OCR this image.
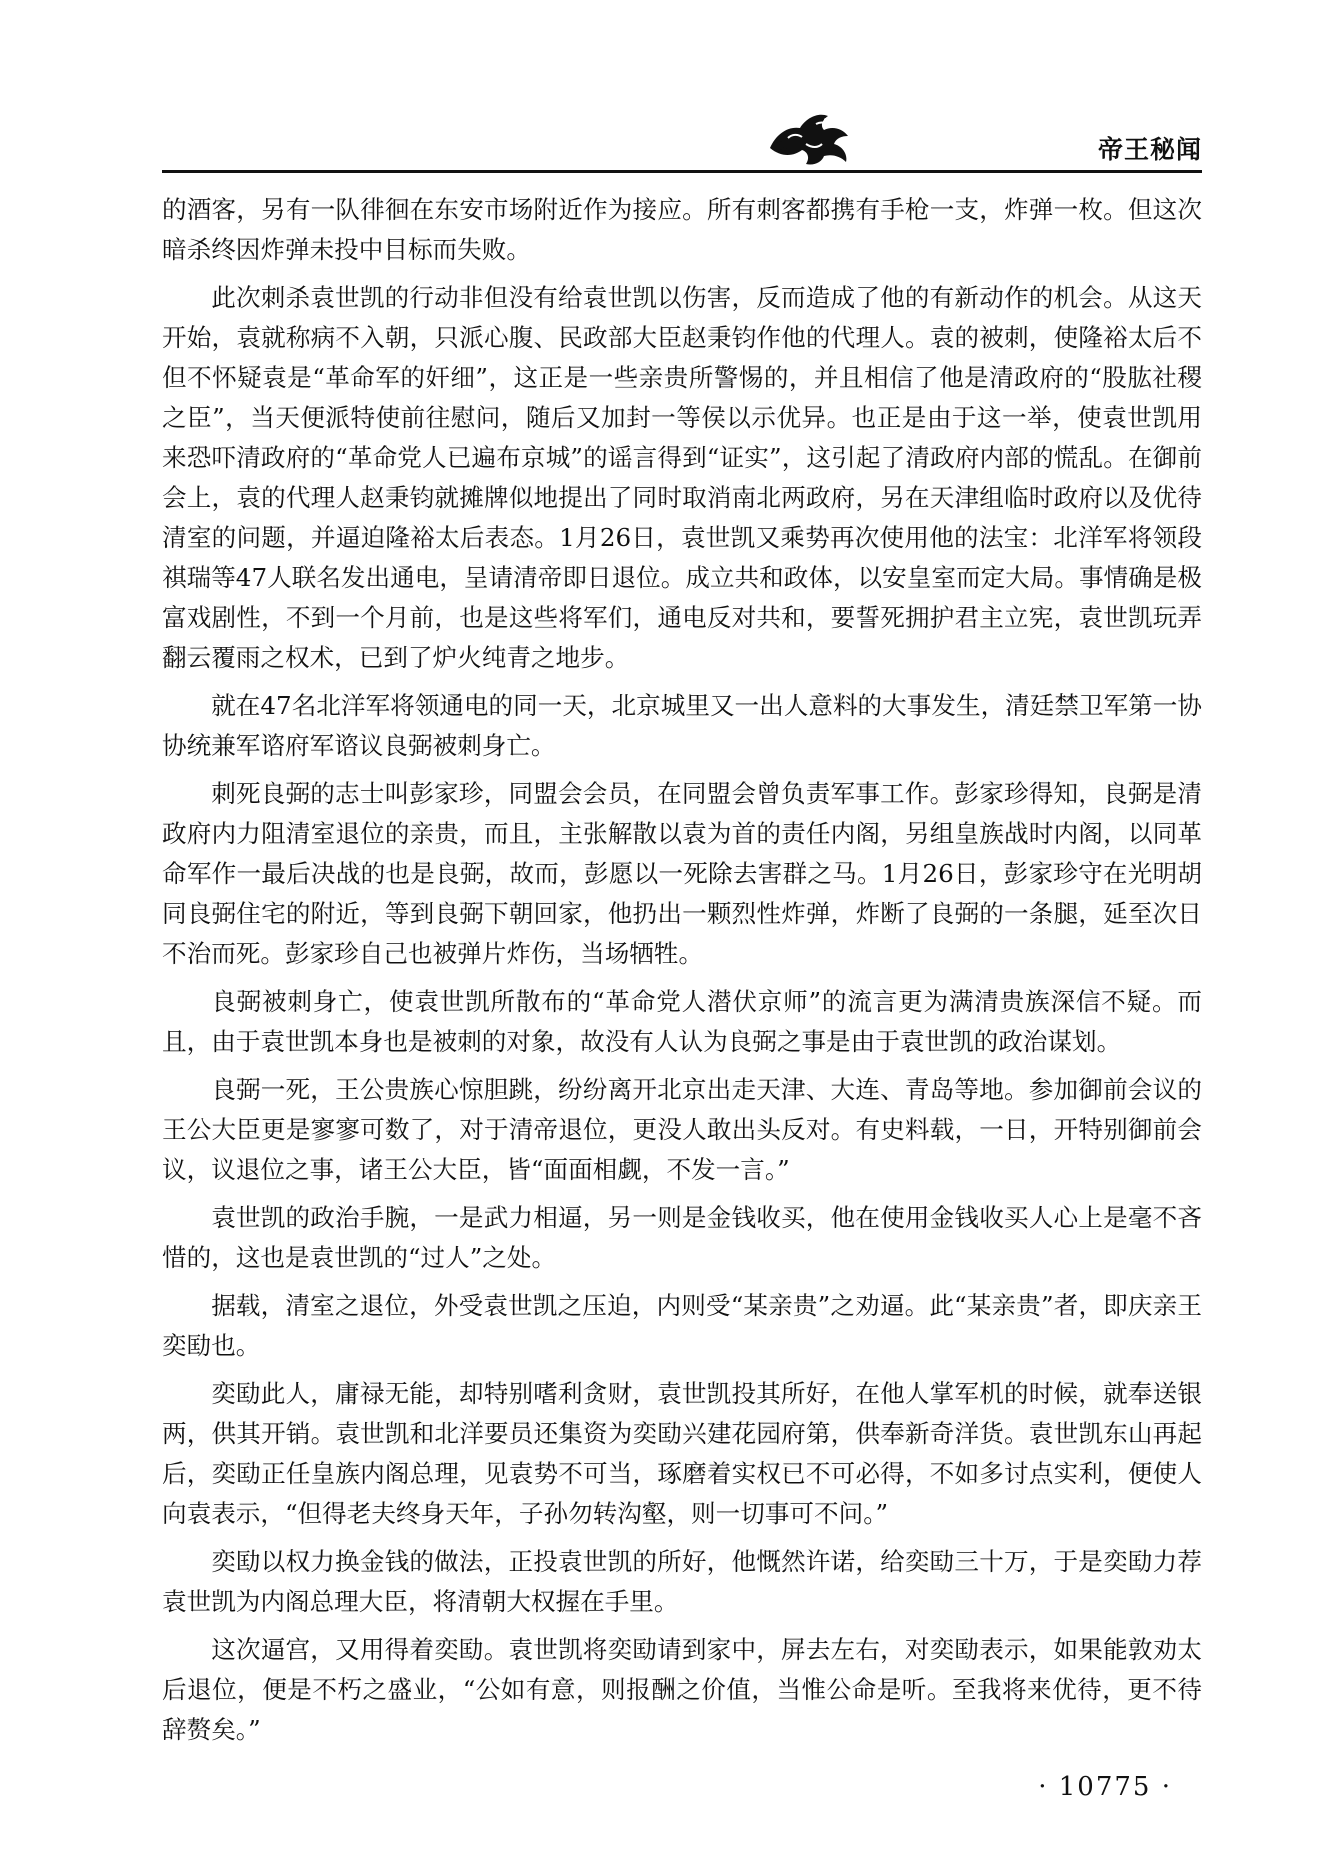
帝王秘闻

的酒客，另有一队徘徊在东安市场附近作为接应。所有刺客都携有手枪一支，炸弹一枚。但这次暗杀终因炸弹未投中目标而失败。

此次刺杀袁世凯的行动非但没有给袁世凯以伤害，反而造成了他的有新动作的机会。从这天开始，袁就称病不入朝，只派心腹、民政部大臣赵秉钧作他的代理人。袁的被刺，使隆裕太后不但不怀疑袁是“革命军的奸细”，这正是一些亲贵所警惕的，并且相信了他是清政府的“股肱社稷之臣”，当天便派特使前往慰问，随后又加封一等侯以示优异。也正是由于这一举，使袁世凯用来恐吓清政府的“革命党人已遍布京城”的谣言得到“证实”，这引起了清政府内部的慌乱。在御前会上，袁的代理人赵秉钧就摊牌似地提出了同时取消南北两政府，另在天津组临时政府以及优待清室的问题，并逼迫隆裕太后表态。1月26日，袁世凯又乘势再次使用他的法宝：北洋军将领段祺瑞等47人联名发出通电，呈请清帝即日退位。成立共和政体，以安皇室而定大局。事情确是极富戏剧性，不到一个月前，也是这些将军们，通电反对共和，要誓死拥护君主立宪，袁世凯玩弄翻云覆雨之权术，已到了炉火纯青之地步。

就在47名北洋军将领通电的同一天，北京城里又一出人意料的大事发生，清廷禁卫军第一协协统兼军谘府军谘议良弼被刺身亡。

刺死良弼的志士叫彭家珍，同盟会会员，在同盟会曾负责军事工作。彭家珍得知，良弼是清政府内力阻清室退位的亲贵，而且，主张解散以袁为首的责任内阁，另组皇族战时内阁，以同革命军作一最后决战的也是良弼，故而，彭愿以一死除去害群之马。1月26日，彭家珍守在光明胡同良弼住宅的附近，等到良弼下朝回家，他扔出一颗烈性炸弹，炸断了良弼的一条腿，延至次日不治而死。彭家珍自己也被弹片炸伤，当场牺牲。

良弼被刺身亡，使袁世凯所散布的“革命党人潜伏京师”的流言更为满清贵族深信不疑。而且，由于袁世凯本身也是被刺的对象，故没有人认为良弼之事是由于袁世凯的政治谋划。

良弼一死，王公贵族心惊胆跳，纷纷离开北京出走天津、大连、青岛等地。参加御前会议的王公大臣更是寥寥可数了，对于清帝退位，更没人敢出头反对。有史料载，一日，开特别御前会议，议退位之事，诸王公大臣，皆“面面相觑，不发一言。”

袁世凯的政治手腕，一是武力相逼，另一则是金钱收买，他在使用金钱收买人心上是毫不吝惜的，这也是袁世凯的“过人”之处。

据载，清室之退位，外受袁世凯之压迫，内则受“某亲贵”之劝逼。此“某亲贵”者，即庆亲王奕劻也。

奕劻此人，庸禄无能，却特别嗜利贪财，袁世凯投其所好，在他人掌军机的时候，就奉送银两，供其开销。袁世凯和北洋要员还集资为奕劻兴建花园府第，供奉新奇洋货。袁世凯东山再起后，奕劻正任皇族内阁总理，见袁势不可当，琢磨着实权已不可必得，不如多讨点实利，便使人向袁表示，“但得老夫终身天年，子孙勿转沟壑，则一切事可不问。”

奕劻以权力换金钱的做法，正投袁世凯的所好，他慨然许诺，给奕劻三十万，于是奕劻力荐袁世凯为内阁总理大臣，将清朝大权握在手里。

这次逼宫，又用得着奕劻。袁世凯将奕劻请到家中，屏去左右，对奕劻表示，如果能敦劝太后退位，便是不朽之盛业，“公如有意，则报酬之价值，当惟公命是听。至我将来优待，更不待辞赘矣。”

· 10775 ·
